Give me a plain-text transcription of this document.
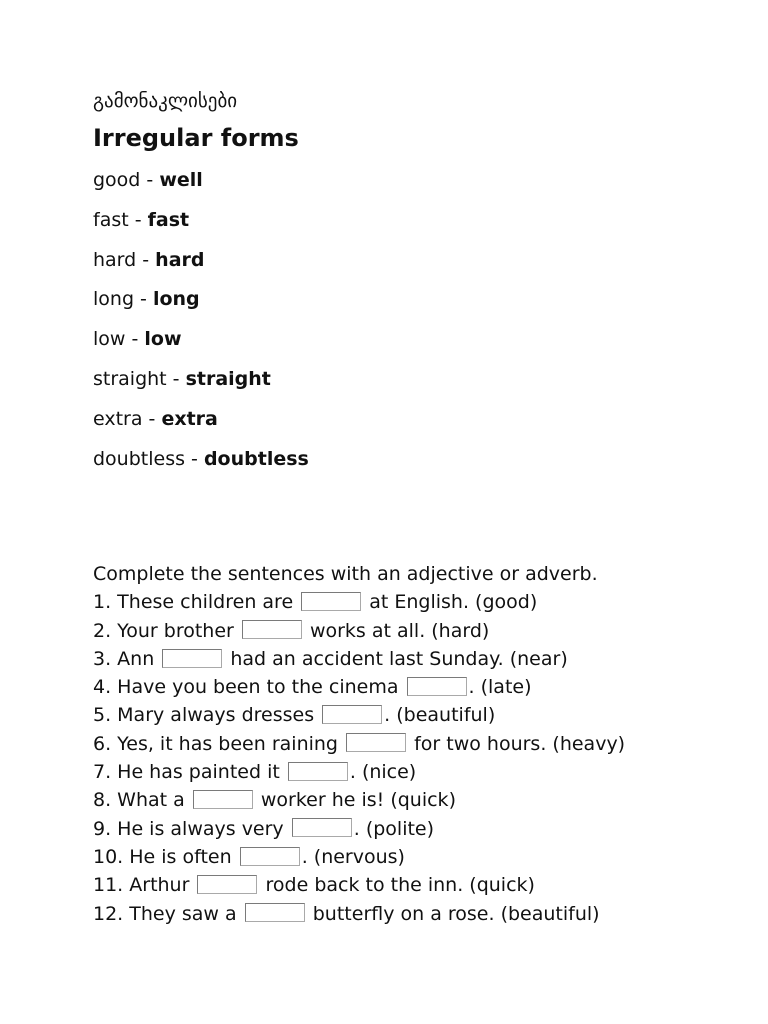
გამონაკლისები
Irregular forms
good - well
fast - fast
hard - hard
long - long
low - low
straight - straight
extra - extra
doubtless - doubtless
Complete the sentences with an adjective or adverb.
1. These children are	at English. (good)
2. Your brother	works at all. (hard)
3. Ann	had an accident last Sunday. (near)
4. Have you been to the cinema	. (late)
5. Mary always dresses	. (beautiful)
6. Yes, it has been raining	for two hours. (heavy)
7. He has painted it	. (nice)
8. What a	worker he is! (quick)
9. He is always very	. (polite)
10. He is often	. (nervous)
11. Arthur	rode back to the inn. (quick)
12. They saw a	butterfly on a rose. (beautiful)
